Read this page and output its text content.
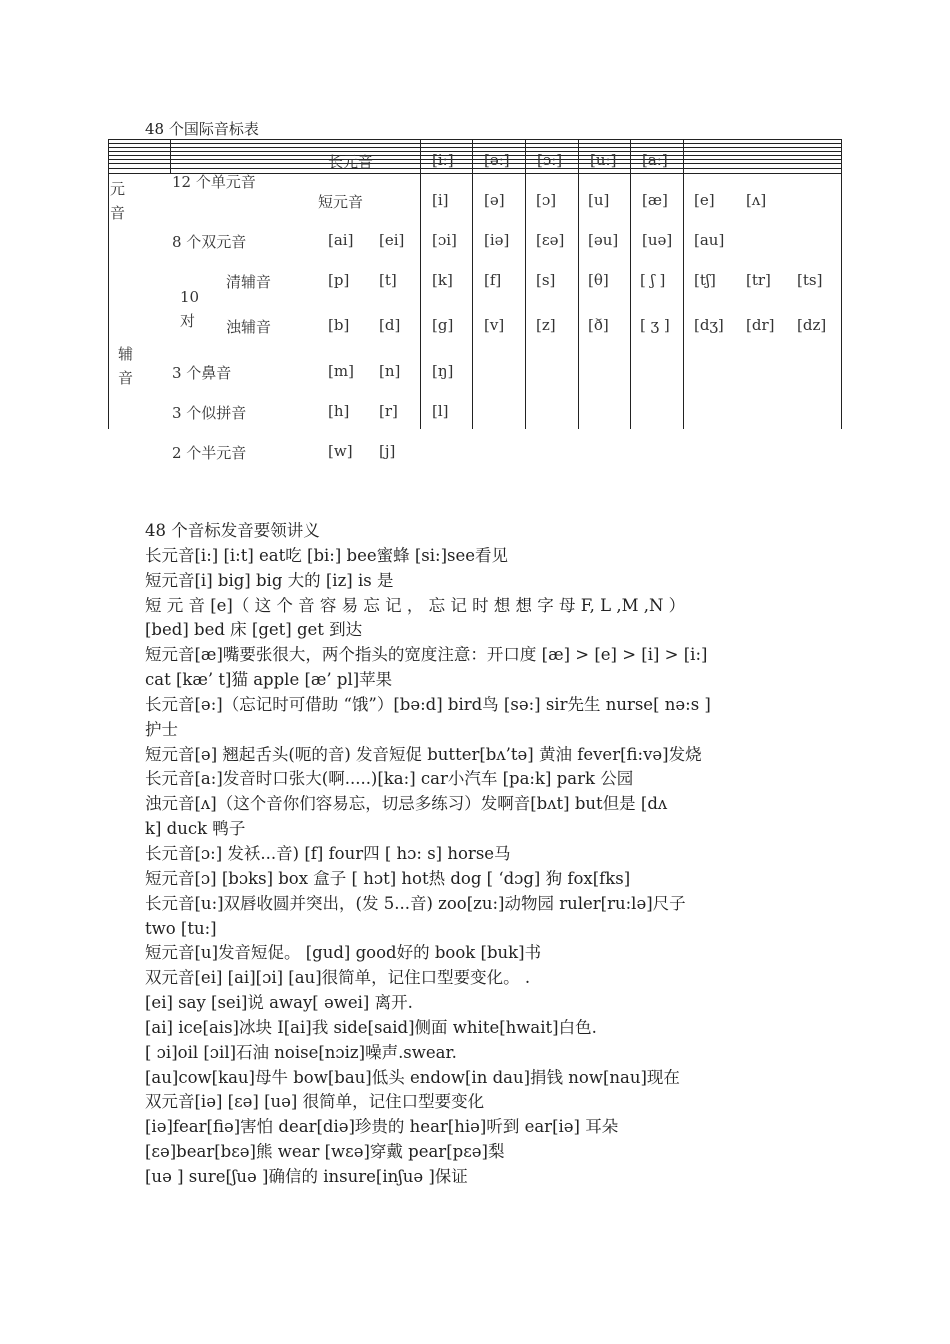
48 个国际音标表
长元音	[i:] [ə:] [ɔ:] [u:] [a:]
元音
辅音
12 个单元音
短元音	[i] [ə] [ɔ] [u] [æ] [e] [ʌ]
8 个双元音	[ai] [ei] [ɔi] [iə] [ɛə] [əu] [uə] [au]
10 对
清辅音	[p] [t] [k] [f] [s] [θ] [ ʃ ] [tʃ] [tr] [ts]
浊辅音	[b] [d] [g] [v] [z] [ð] [ ʒ ] [dʒ] [dr] [dz]
3 个鼻音	[m] [n] [ŋ]
3 个似拼音	[h] [r] [l]
2 个半元音	[w] [j]
48 个音标发音要领讲义
长元音[i:] [i:t] eat吃 [bi:] bee蜜蜂 [si:]see看见
短元音[i] big] big 大的 [iz] is 是
短 元 音 [e]（ 这 个 音 容 易 忘 记 ， 忘 记 时 想 想 字 母 F, L ,M ,N ）
[bed] bed 床 [get] get 到达
短元音[æ]嘴要张很大，两个指头的宽度注意：开口度 [æ] > [e] > [i] > [i:]
cat [kæ’ t]猫 apple [æ’ pl]苹果
长元音[ə:]（忘记时可借助 “饿”）[bə:d] bird鸟 [sə:] sir先生 nurse[ nə:s ]
护士
短元音[ə] 翘起舌头(呃的音) 发音短促 butter[bʌ’tə] 黄油 fever[fi:və]发烧
长元音[a:]发音时口张大(啊.....)[ka:] car小汽车 [pa:k] park 公园
浊元音[ʌ]（这个音你们容易忘，切忌多练习）发啊音[bʌt] but但是 [dʌ
k] duck 鸭子
长元音[ɔ:] 发袄...音) [f] four四 [ hɔ: s] horse马
短元音[ɔ] [bɔks] box 盒子 [ hɔt] hot热 dog [ ‘dɔg] 狗 fox[fks]
长元音[u:]双唇收圆并突出，(发 5...音) zoo[zu:]动物园 ruler[ru:lə]尺子
two [tu:]
短元音[u]发音短促。 [gud] good好的 book [buk]书
双元音[ei] [ai][ɔi] [au]很简单，记住口型要变化。 .
[ei] say [sei]说 away[ əwei] 离开.
[ai] ice[ais]冰块 I[ai]我 side[said]侧面 white[hwait]白色.
[ ɔi]oil [ɔil]石油 noise[nɔiz]噪声.swear.
[au]cow[kau]母牛 bow[bau]低头 endow[in dau]捐钱 now[nau]现在
双元音[iə] [ɛə] [uə] 很简单，记住口型要变化
[iə]fear[fiə]害怕 dear[diə]珍贵的 hear[hiə]听到 ear[iə] 耳朵
[ɛə]bear[bɛə]熊 wear [wɛə]穿戴 pear[pɛə]梨
[uə ] sure[ʃuə ]确信的 insure[inʃuə ]保证
